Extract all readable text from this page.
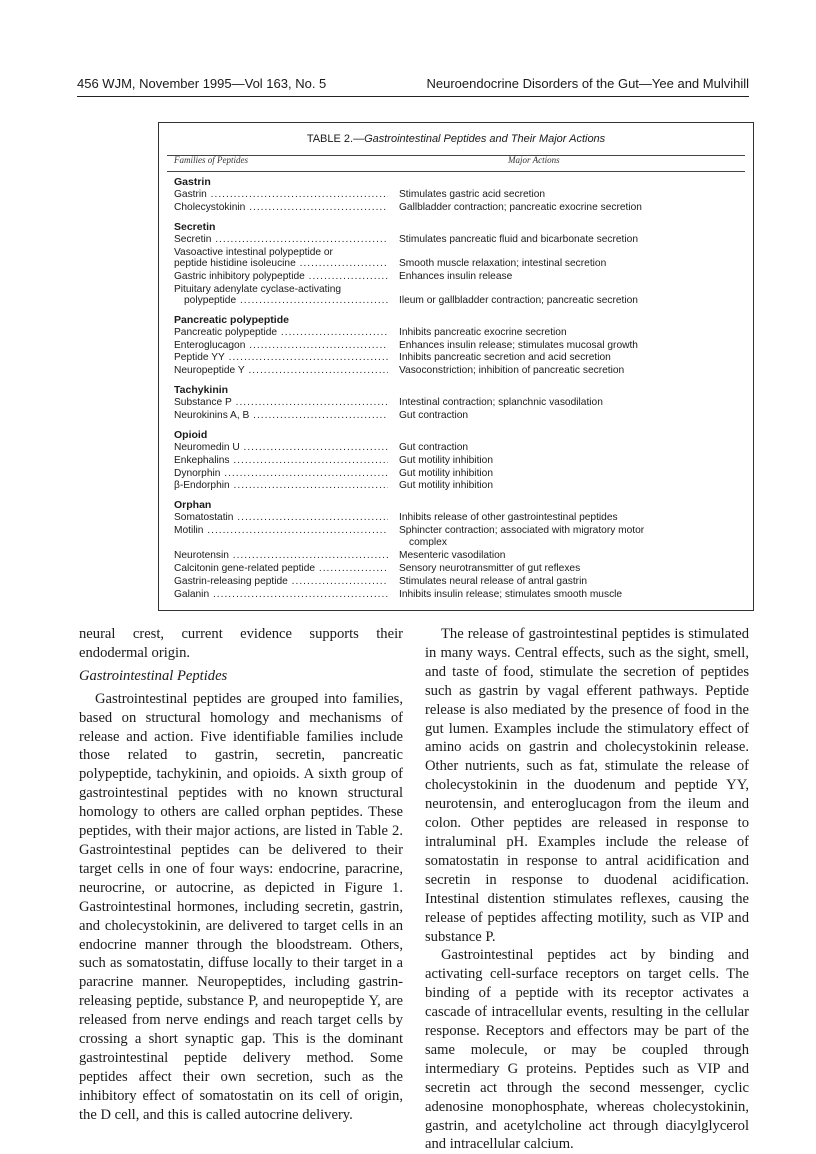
456 WJM, November 1995—Vol 163, No. 5	Neuroendocrine Disorders of the Gut—Yee and Mulvihill
TABLE 2.—Gastrointestinal Peptides and Their Major Actions
Families of Peptides	Major Actions
Gastrin
Gastrin .....	Stimulates gastric acid secretion
Cholecystokinin .....	Gallbladder contraction; pancreatic exocrine secretion
Secretin
Secretin .....	Stimulates pancreatic fluid and bicarbonate secretion
Vasoactive intestinal polypeptide or
peptide histidine isoleucine .....	Smooth muscle relaxation; intestinal secretion
Gastric inhibitory polypeptide .....	Enhances insulin release
Pituitary adenylate cyclase-activating
polypeptide .....	Ileum or gallbladder contraction; pancreatic secretion
Pancreatic polypeptide
Pancreatic polypeptide .....	Inhibits pancreatic exocrine secretion
Enteroglucagon .....	Enhances insulin release; stimulates mucosal growth
Peptide YY .....	Inhibits pancreatic secretion and acid secretion
Neuropeptide Y .....	Vasoconstriction; inhibition of pancreatic secretion
Tachykinin
Substance P .....	Intestinal contraction; splanchnic vasodilation
Neurokinins A, B .....	Gut contraction
Opioid
Neuromedin U .....	Gut contraction
Enkephalins .....	Gut motility inhibition
Dynorphin .....	Gut motility inhibition
β-Endorphin .....	Gut motility inhibition
Orphan
Somatostatin .....	Inhibits release of other gastrointestinal peptides
Motilin .....	Sphincter contraction; associated with migratory motor
complex
Neurotensin .....	Mesenteric vasodilation
Calcitonin gene-related peptide .....	Sensory neurotransmitter of gut reflexes
Gastrin-releasing peptide .....	Stimulates neural release of antral gastrin
Galanin .....	Inhibits insulin release; stimulates smooth muscle

neural crest, current evidence supports their endodermal origin.

Gastrointestinal Peptides

Gastrointestinal peptides are grouped into families, based on structural homology and mechanisms of release and action. Five identifiable families include those related to gastrin, secretin, pancreatic polypeptide, tachykinin, and opioids. A sixth group of gastrointestinal peptides with no known structural homology to others are called orphan peptides. These peptides, with their major actions, are listed in Table 2. Gastrointestinal peptides can be delivered to their target cells in one of four ways: endocrine, paracrine, neurocrine, or autocrine, as depicted in Figure 1. Gastrointestinal hormones, including secretin, gastrin, and cholecystokinin, are delivered to target cells in an endocrine manner through the bloodstream. Others, such as somatostatin, diffuse locally to their target in a paracrine manner. Neuropeptides, including gastrin-releasing peptide, substance P, and neuropeptide Y, are released from nerve endings and reach target cells by crossing a short synaptic gap. This is the dominant gastrointestinal peptide delivery method. Some peptides affect their own secretion, such as the inhibitory effect of somatostatin on its cell of origin, the D cell, and this is called autocrine delivery.

The release of gastrointestinal peptides is stimulated in many ways. Central effects, such as the sight, smell, and taste of food, stimulate the secretion of peptides such as gastrin by vagal efferent pathways. Peptide release is also mediated by the presence of food in the gut lumen. Examples include the stimulatory effect of amino acids on gastrin and cholecystokinin release. Other nutrients, such as fat, stimulate the release of cholecystokinin in the duodenum and peptide YY, neurotensin, and enteroglucagon from the ileum and colon. Other peptides are released in response to intraluminal pH. Examples include the release of somatostatin in response to antral acidification and secretin in response to duodenal acidification. Intestinal distention stimulates reflexes, causing the release of peptides affecting motility, such as VIP and substance P.

Gastrointestinal peptides act by binding and activating cell-surface receptors on target cells. The binding of a peptide with its receptor activates a cascade of intracellular events, resulting in the cellular response. Receptors and effectors may be part of the same molecule, or may be coupled through intermediary G proteins. Peptides such as VIP and secretin act through the second messenger, cyclic adenosine monophosphate, whereas cholecystokinin, gastrin, and acetylcholine act through diacylglycerol and intracellular calcium.
